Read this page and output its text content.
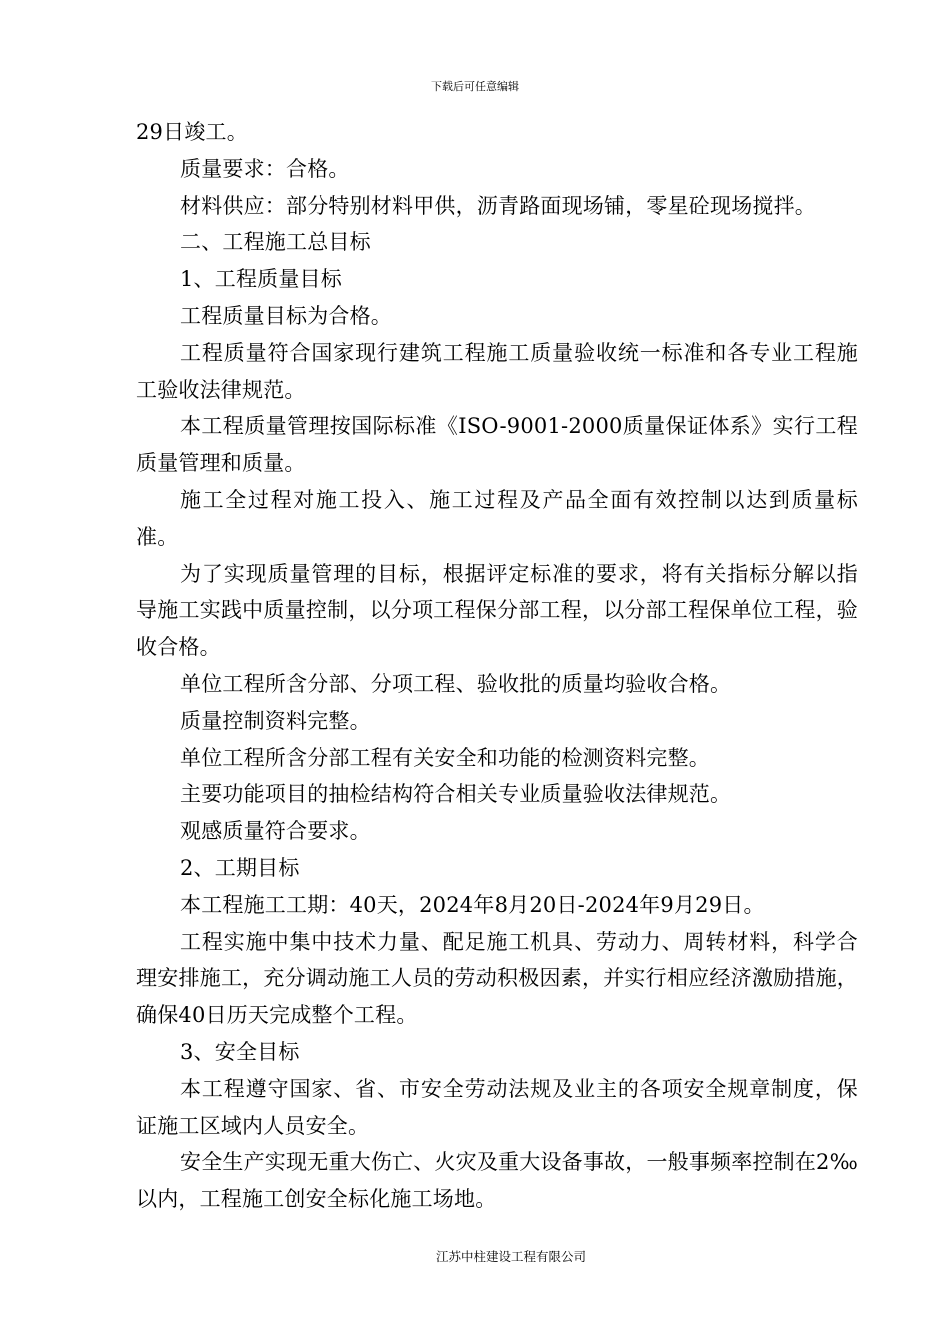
下载后可任意编辑

29日竣工。

质量要求：合格。

材料供应：部分特别材料甲供，沥青路面现场铺，零星砼现场搅拌。

二、工程施工总目标

1、工程质量目标

工程质量目标为合格。

工程质量符合国家现行建筑工程施工质量验收统一标准和各专业工程施工验收法律规范。

本工程质量管理按国际标准《ISO-9001-2000质量保证体系》实行工程质量管理和质量。

施工全过程对施工投入、施工过程及产品全面有效控制以达到质量标准。

为了实现质量管理的目标，根据评定标准的要求，将有关指标分解以指导施工实践中质量控制，以分项工程保分部工程，以分部工程保单位工程，验收合格。

单位工程所含分部、分项工程、验收批的质量均验收合格。

质量控制资料完整。

单位工程所含分部工程有关安全和功能的检测资料完整。

主要功能项目的抽检结构符合相关专业质量验收法律规范。

观感质量符合要求。

2、工期目标

本工程施工工期：40天，2024年8月20日-2024年9月29日。

工程实施中集中技术力量、配足施工机具、劳动力、周转材料，科学合理安排施工，充分调动施工人员的劳动积极因素，并实行相应经济激励措施，确保40日历天完成整个工程。

3、安全目标

本工程遵守国家、省、市安全劳动法规及业主的各项安全规章制度，保证施工区域内人员安全。

安全生产实现无重大伤亡、火灾及重大设备事故，一般事频率控制在2‰以内，工程施工创安全标化施工场地。

江苏中柱建设工程有限公司
